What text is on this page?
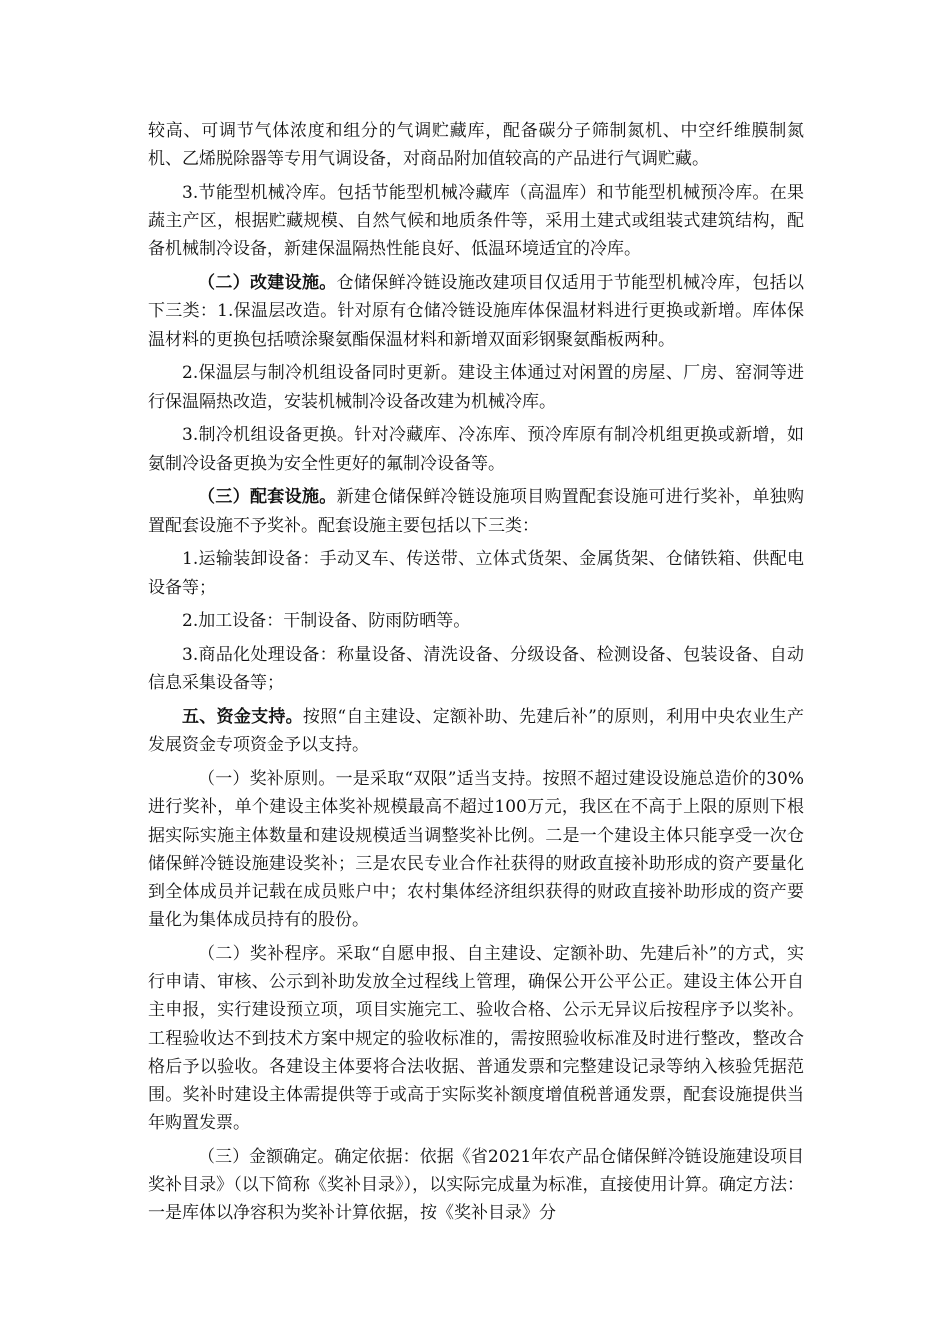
较高、可调节气体浓度和组分的气调贮藏库，配备碳分子筛制氮机、中空纤维膜制氮机、乙烯脱除器等专用气调设备，对商品附加值较高的产品进行气调贮藏。

3.节能型机械冷库。包括节能型机械冷藏库（高温库）和节能型机械预冷库。在果蔬主产区，根据贮藏规模、自然气候和地质条件等，采用土建式或组装式建筑结构，配备机械制冷设备，新建保温隔热性能良好、低温环境适宜的冷库。

（二）改建设施。仓储保鲜冷链设施改建项目仅适用于节能型机械冷库，包括以下三类：1.保温层改造。针对原有仓储冷链设施库体保温材料进行更换或新增。库体保温材料的更换包括喷涂聚氨酯保温材料和新增双面彩钢聚氨酯板两种。

2.保温层与制冷机组设备同时更新。建设主体通过对闲置的房屋、厂房、窑洞等进行保温隔热改造，安装机械制冷设备改建为机械冷库。

3.制冷机组设备更换。针对冷藏库、冷冻库、预冷库原有制冷机组更换或新增，如氨制冷设备更换为安全性更好的氟制冷设备等。

（三）配套设施。新建仓储保鲜冷链设施项目购置配套设施可进行奖补，单独购置配套设施不予奖补。配套设施主要包括以下三类：

1.运输装卸设备：手动叉车、传送带、立体式货架、金属货架、仓储铁箱、供配电设备等；

2.加工设备：干制设备、防雨防晒等。

3.商品化处理设备：称量设备、清洗设备、分级设备、检测设备、包装设备、自动信息采集设备等；

五、资金支持。按照“自主建设、定额补助、先建后补”的原则，利用中央农业生产发展资金专项资金予以支持。

（一）奖补原则。一是采取“双限”适当支持。按照不超过建设设施总造价的30%进行奖补，单个建设主体奖补规模最高不超过100万元，我区在不高于上限的原则下根据实际实施主体数量和建设规模适当调整奖补比例。二是一个建设主体只能享受一次仓储保鲜冷链设施建设奖补；三是农民专业合作社获得的财政直接补助形成的资产要量化到全体成员并记载在成员账户中；农村集体经济组织获得的财政直接补助形成的资产要量化为集体成员持有的股份。

（二）奖补程序。采取“自愿申报、自主建设、定额补助、先建后补”的方式，实行申请、审核、公示到补助发放全过程线上管理，确保公开公平公正。建设主体公开自主申报，实行建设预立项，项目实施完工、验收合格、公示无异议后按程序予以奖补。工程验收达不到技术方案中规定的验收标准的，需按照验收标准及时进行整改，整改合格后予以验收。各建设主体要将合法收据、普通发票和完整建设记录等纳入核验凭据范围。奖补时建设主体需提供等于或高于实际奖补额度增值税普通发票，配套设施提供当年购置发票。

（三）金额确定。确定依据：依据《省2021年农产品仓储保鲜冷链设施建设项目奖补目录》（以下简称《奖补目录》），以实际完成量为标准，直接使用计算。确定方法：一是库体以净容积为奖补计算依据，按《奖补目录》分
